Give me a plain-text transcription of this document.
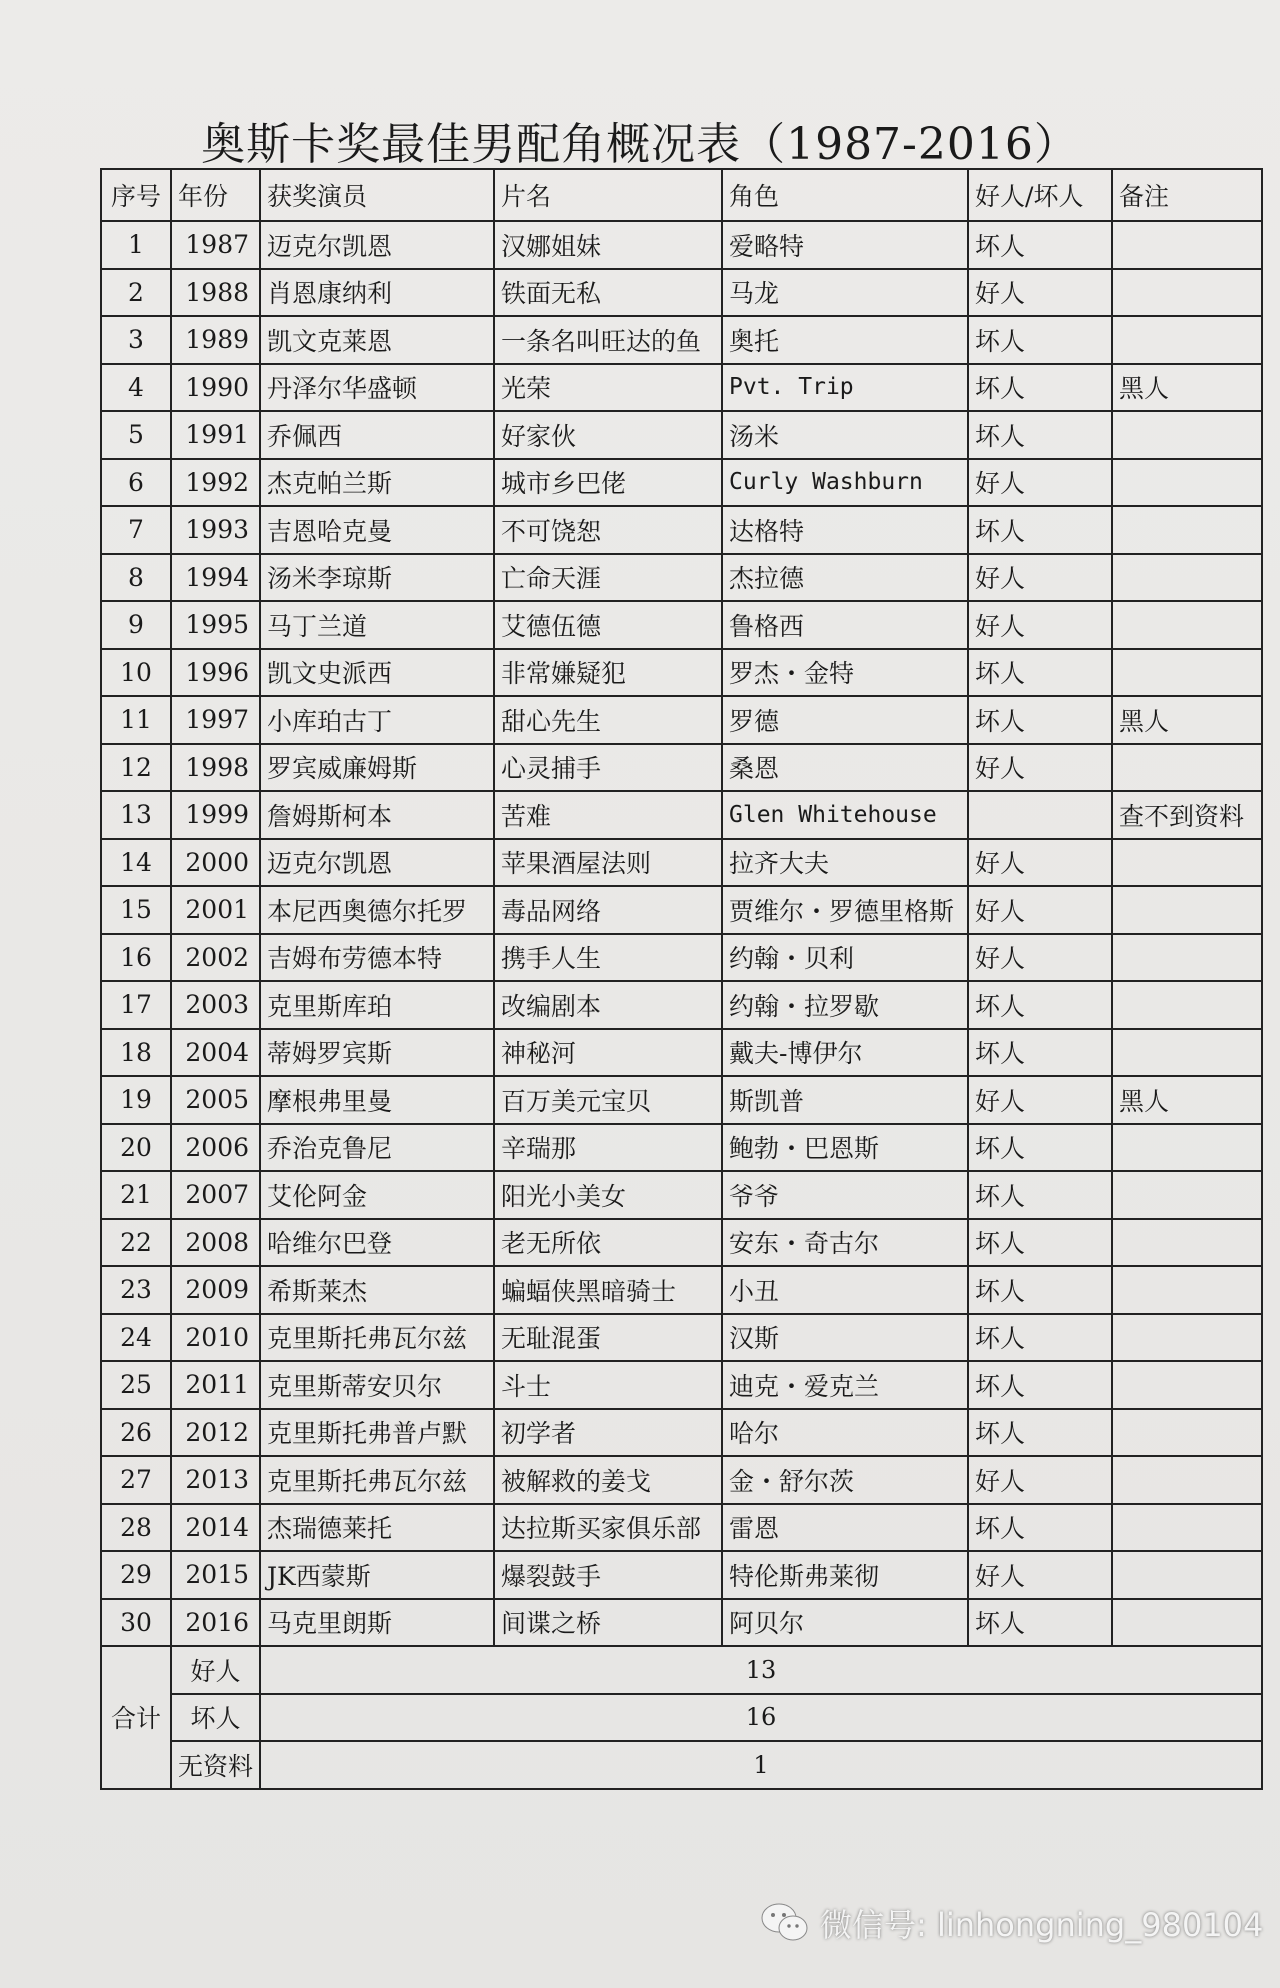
奥斯卡奖最佳男配角概况表（1987-2016）
序号	年份	获奖演员	片名	角色	好人/坏人	备注
1	1987	迈克尔凯恩	汉娜姐妹	爱略特	坏人	
2	1988	肖恩康纳利	铁面无私	马龙	好人	
3	1989	凯文克莱恩	一条名叫旺达的鱼	奥托	坏人	
4	1990	丹泽尔华盛顿	光荣	Pvt. Trip	坏人	黑人
5	1991	乔佩西	好家伙	汤米	坏人	
6	1992	杰克帕兰斯	城市乡巴佬	Curly Washburn	好人	
7	1993	吉恩哈克曼	不可饶恕	达格特	坏人	
8	1994	汤米李琼斯	亡命天涯	杰拉德	好人	
9	1995	马丁兰道	艾德伍德	鲁格西	好人	
10	1996	凯文史派西	非常嫌疑犯	罗杰・金特	坏人	
11	1997	小库珀古丁	甜心先生	罗德	坏人	黑人
12	1998	罗宾威廉姆斯	心灵捕手	桑恩	好人	
13	1999	詹姆斯柯本	苦难	Glen Whitehouse		查不到资料
14	2000	迈克尔凯恩	苹果酒屋法则	拉齐大夫	好人	
15	2001	本尼西奥德尔托罗	毒品网络	贾维尔・罗德里格斯	好人	
16	2002	吉姆布劳德本特	携手人生	约翰・贝利	好人	
17	2003	克里斯库珀	改编剧本	约翰・拉罗歇	坏人	
18	2004	蒂姆罗宾斯	神秘河	戴夫-博伊尔	坏人	
19	2005	摩根弗里曼	百万美元宝贝	斯凯普	好人	黑人
20	2006	乔治克鲁尼	辛瑞那	鲍勃・巴恩斯	坏人	
21	2007	艾伦阿金	阳光小美女	爷爷	坏人	
22	2008	哈维尔巴登	老无所依	安东・奇古尔	坏人	
23	2009	希斯莱杰	蝙蝠侠黑暗骑士	小丑	坏人	
24	2010	克里斯托弗瓦尔兹	无耻混蛋	汉斯	坏人	
25	2011	克里斯蒂安贝尔	斗士	迪克・爱克兰	坏人	
26	2012	克里斯托弗普卢默	初学者	哈尔	坏人	
27	2013	克里斯托弗瓦尔兹	被解救的姜戈	金・舒尔茨	好人	
28	2014	杰瑞德莱托	达拉斯买家俱乐部	雷恩	坏人	
29	2015	JK西蒙斯	爆裂鼓手	特伦斯弗莱彻	好人	
30	2016	马克里朗斯	间谍之桥	阿贝尔	坏人	
合计	好人	13				
	坏人	16				
	无资料	1				
微信号: linhongning_980104
